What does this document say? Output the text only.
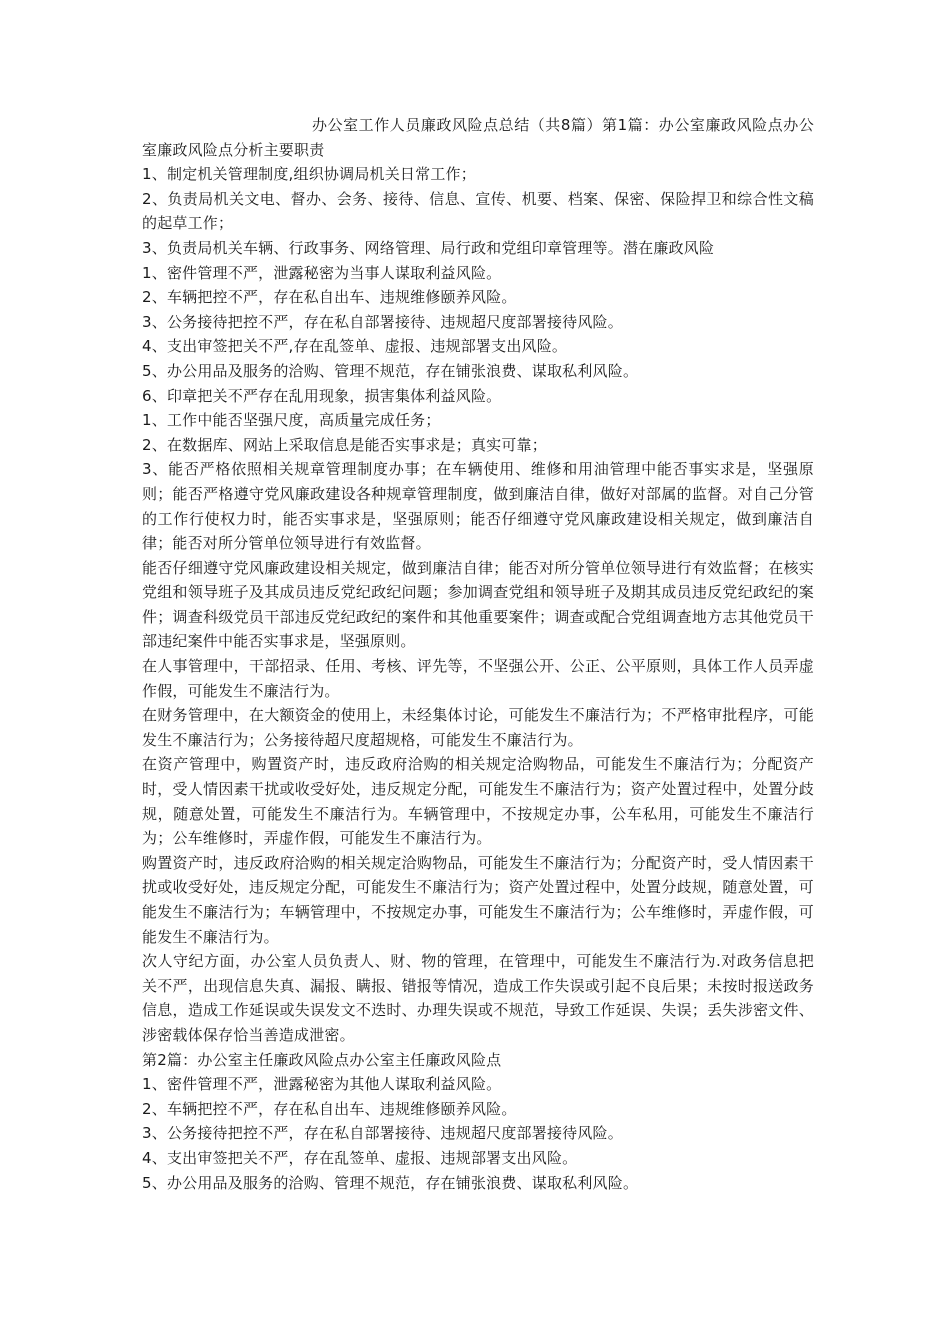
办公室工作人员廉政风险点总结（共8篇）第1篇：办公室廉政风险点办公室廉政风险点分析主要职责

1、制定机关管理制度,组织协调局机关日常工作；

2、负责局机关文电、督办、会务、接待、信息、宣传、机要、档案、保密、保险捍卫和综合性文稿的起草工作；

3、负责局机关车辆、行政事务、网络管理、局行政和党组印章管理等。潜在廉政风险

1、密件管理不严，泄露秘密为当事人谋取利益风险。

2、车辆把控不严，存在私自出车、违规维修颐养风险。

3、公务接待把控不严，存在私自部署接待、违规超尺度部署接待风险。

4、支出审签把关不严,存在乱签单、虚报、违规部署支出风险。

5、办公用品及服务的洽购、管理不规范，存在铺张浪费、谋取私利风险。

6、印章把关不严存在乱用现象，损害集体利益风险。

1、工作中能否坚强尺度，高质量完成任务；

2、在数据库、网站上采取信息是能否实事求是；真实可靠；

3、能否严格依照相关规章管理制度办事；在车辆使用、维修和用油管理中能否事实求是，坚强原则；能否严格遵守党风廉政建设各种规章管理制度，做到廉洁自律，做好对部属的监督。对自己分管的工作行使权力时，能否实事求是，坚强原则；能否仔细遵守党风廉政建设相关规定，做到廉洁自律；能否对所分管单位领导进行有效监督。

能否仔细遵守党风廉政建设相关规定，做到廉洁自律；能否对所分管单位领导进行有效监督；在核实党组和领导班子及其成员违反党纪政纪问题；参加调查党组和领导班子及期其成员违反党纪政纪的案件；调查科级党员干部违反党纪政纪的案件和其他重要案件；调查或配合党组调查地方志其他党员干部违纪案件中能否实事求是，坚强原则。

在人事管理中，干部招录、任用、考核、评先等，不坚强公开、公正、公平原则，具体工作人员弄虚作假，可能发生不廉洁行为。

在财务管理中，在大额资金的使用上，未经集体讨论，可能发生不廉洁行为；不严格审批程序，可能发生不廉洁行为；公务接待超尺度超规格，可能发生不廉洁行为。

在资产管理中，购置资产时，违反政府洽购的相关规定洽购物品，可能发生不廉洁行为；分配资产时，受人情因素干扰或收受好处，违反规定分配，可能发生不廉洁行为；资产处置过程中，处置分歧规，随意处置，可能发生不廉洁行为。车辆管理中，不按规定办事，公车私用，可能发生不廉洁行为；公车维修时，弄虚作假，可能发生不廉洁行为。

购置资产时，违反政府洽购的相关规定洽购物品，可能发生不廉洁行为；分配资产时，受人情因素干扰或收受好处，违反规定分配，可能发生不廉洁行为；资产处置过程中，处置分歧规，随意处置，可能发生不廉洁行为；车辆管理中，不按规定办事，可能发生不廉洁行为；公车维修时，弄虚作假，可能发生不廉洁行为。

次人守纪方面，办公室人员负责人、财、物的管理，在管理中，可能发生不廉洁行为.对政务信息把关不严，出现信息失真、漏报、瞒报、错报等情况，造成工作失误或引起不良后果；未按时报送政务信息，造成工作延误或失误发文不迭时、办理失误或不规范，导致工作延误、失误；丢失涉密文件、涉密载体保存恰当善造成泄密。

第2篇：办公室主任廉政风险点办公室主任廉政风险点

1、密件管理不严，泄露秘密为其他人谋取利益风险。

2、车辆把控不严，存在私自出车、违规维修颐养风险。

3、公务接待把控不严，存在私自部署接待、违规超尺度部署接待风险。

4、支出审签把关不严，存在乱签单、虚报、违规部署支出风险。

5、办公用品及服务的洽购、管理不规范，存在铺张浪费、谋取私利风险。
